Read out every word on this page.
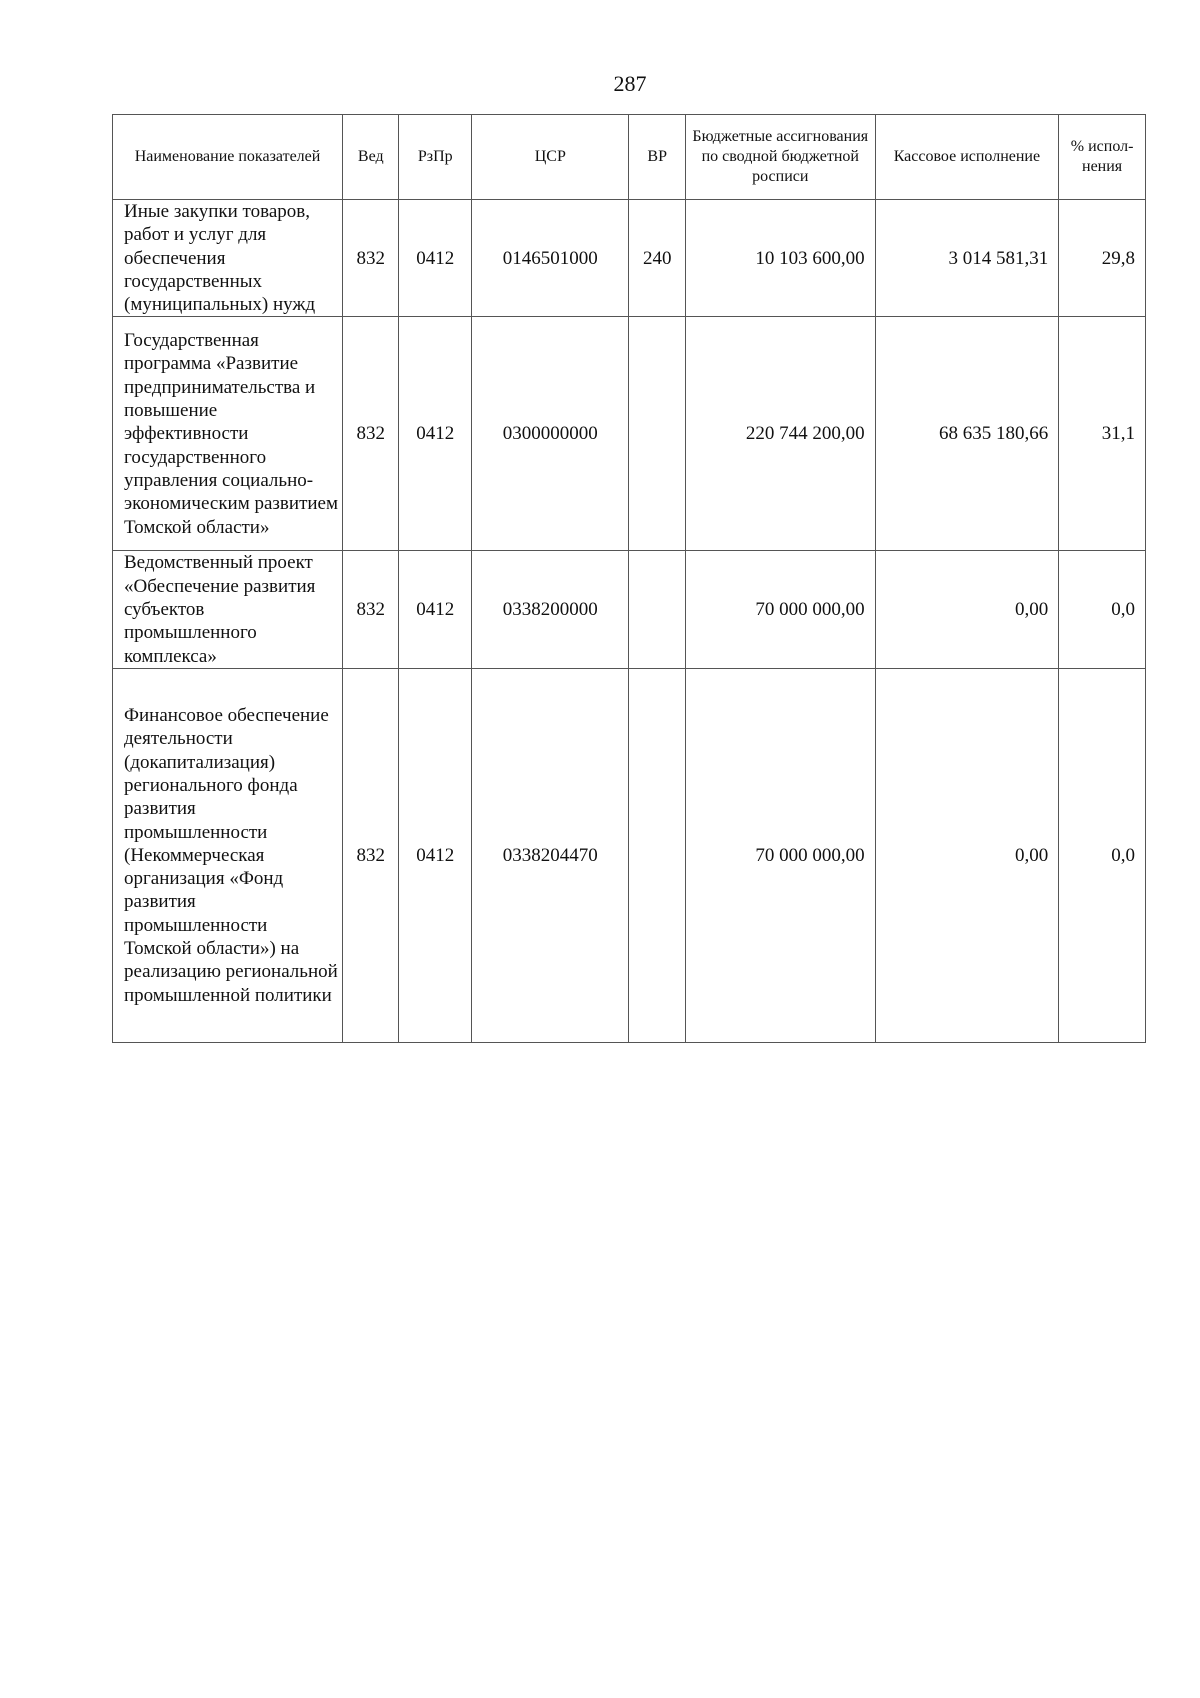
287
Наименование показателей	Вед	РзПр	ЦСР	ВР	Бюджетные ассигнования по сводной бюджетной росписи	Кассовое исполнение	% испол-нения
Иные закупки товаров, работ и услуг для обеспечения государственных (муниципальных) нужд	832	0412	0146501000	240	10 103 600,00	3 014 581,31	29,8
Государственная программа «Развитие предпринимательства и повышение эффективности государственного управления социально-экономическим развитием Томской области»	832	0412	0300000000		220 744 200,00	68 635 180,66	31,1
Ведомственный проект «Обеспечение развития субъектов промышленного комплекса»	832	0412	0338200000		70 000 000,00	0,00	0,0
Финансовое обеспечение деятельности (докапитализация) регионального фонда развития промышленности (Некоммерческая организация «Фонд развития промышленности Томской области») на реализацию региональной промышленной политики	832	0412	0338204470		70 000 000,00	0,00	0,0
